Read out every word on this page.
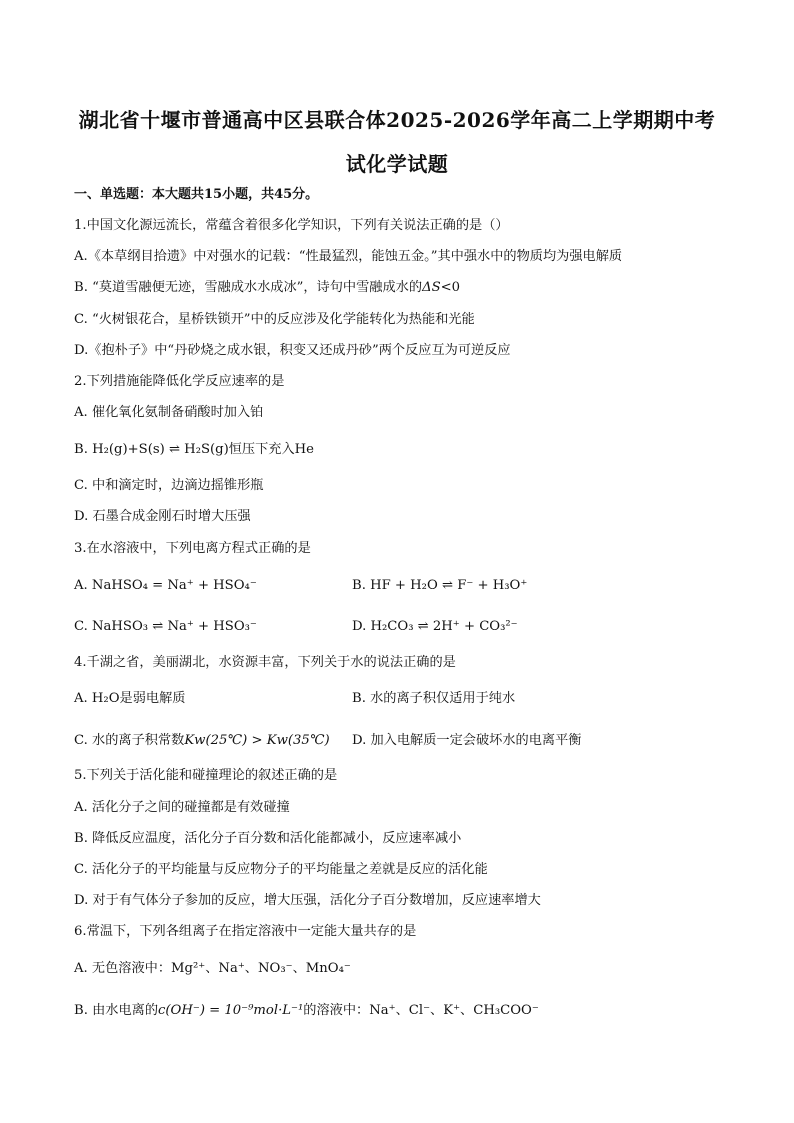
湖北省十堰市普通高中区县联合体2025-2026学年高二上学期期中考
试化学试题
一、单选题：本大题共15小题，共45分。
1.中国文化源远流长，常蕴含着很多化学知识，下列有关说法正确的是（）
A.《本草纲目拾遗》中对强水的记载：“性最猛烈，能蚀五金。”其中强水中的物质均为强电解质
B. “莫道雪融便无迹，雪融成水水成冰”，诗句中雪融成水的ΔS<0
C. “火树银花合，星桥铁锁开”中的反应涉及化学能转化为热能和光能
D.《抱朴子》中“丹砂烧之成水银，积变又还成丹砂”两个反应互为可逆反应
2.下列措施能降低化学反应速率的是
A. 催化氧化氨制备硝酸时加入铂
B. H₂(g)+S(s) ⇌ H₂S(g)恒压下充入He
C. 中和滴定时，边滴边摇锥形瓶
D. 石墨合成金刚石时增大压强
3.在水溶液中，下列电离方程式正确的是
A. NaHSO₄ = Na⁺ + HSO₄⁻	B. HF + H₂O ⇌ F⁻ + H₃O⁺
C. NaHSO₃ ⇌ Na⁺ + HSO₃⁻	D. H₂CO₃ ⇌ 2H⁺ + CO₃²⁻
4.千湖之省，美丽湖北，水资源丰富，下列关于水的说法正确的是
A. H₂O是弱电解质	B. 水的离子积仅适用于纯水
C. 水的离子积常数Kw(25℃) > Kw(35℃) D. 加入电解质一定会破坏水的电离平衡
5.下列关于活化能和碰撞理论的叙述正确的是
A. 活化分子之间的碰撞都是有效碰撞
B. 降低反应温度，活化分子百分数和活化能都减小，反应速率减小
C. 活化分子的平均能量与反应物分子的平均能量之差就是反应的活化能
D. 对于有气体分子参加的反应，增大压强，活化分子百分数增加，反应速率增大
6.常温下，下列各组离子在指定溶液中一定能大量共存的是
A. 无色溶液中：Mg²⁺、Na⁺、NO₃⁻、MnO₄⁻
B. 由水电离的c(OH⁻) = 10⁻⁹mol·L⁻¹的溶液中：Na⁺、Cl⁻、K⁺、CH₃COO⁻
